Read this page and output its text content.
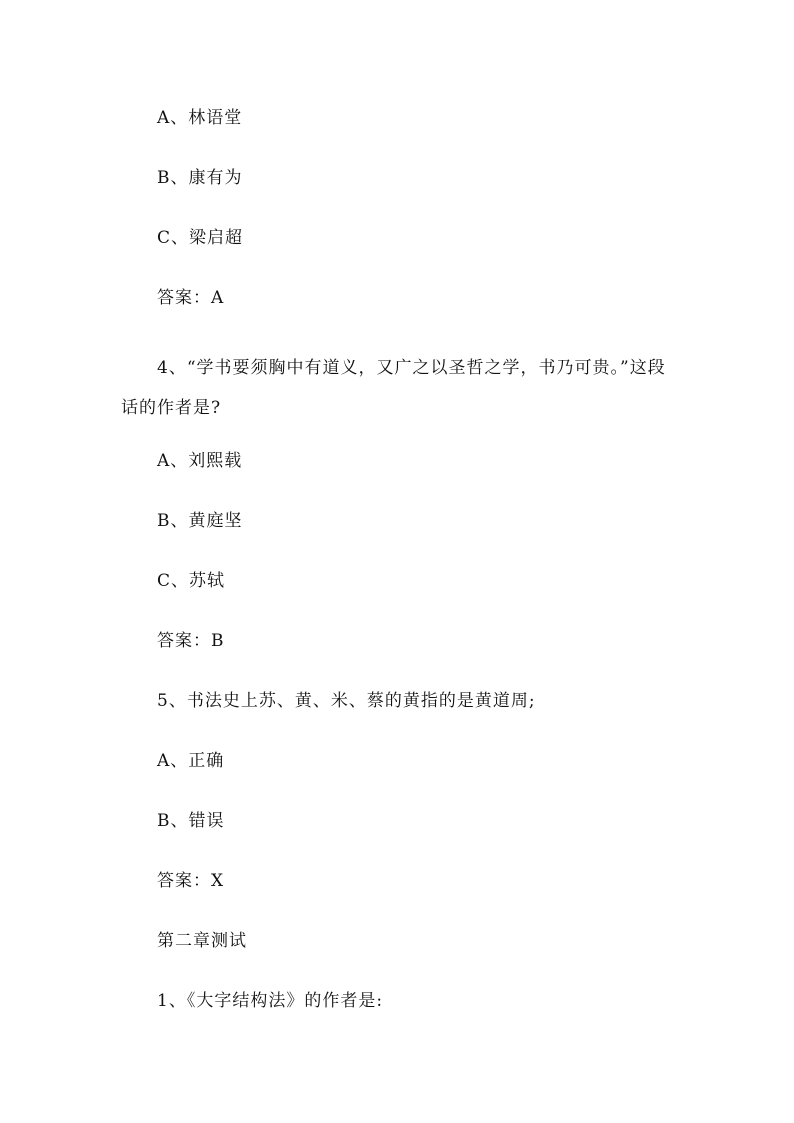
A、林语堂
B、康有为
C、梁启超
答案：A
4、“学书要须胸中有道义，又广之以圣哲之学，书乃可贵。”这段话的作者是?
A、刘熙载
B、黄庭坚
C、苏轼
答案：B
5、书法史上苏、黄、米、蔡的黄指的是黄道周;
A、正确
B、错误
答案：X
第二章测试
1、《大字结构法》的作者是:
